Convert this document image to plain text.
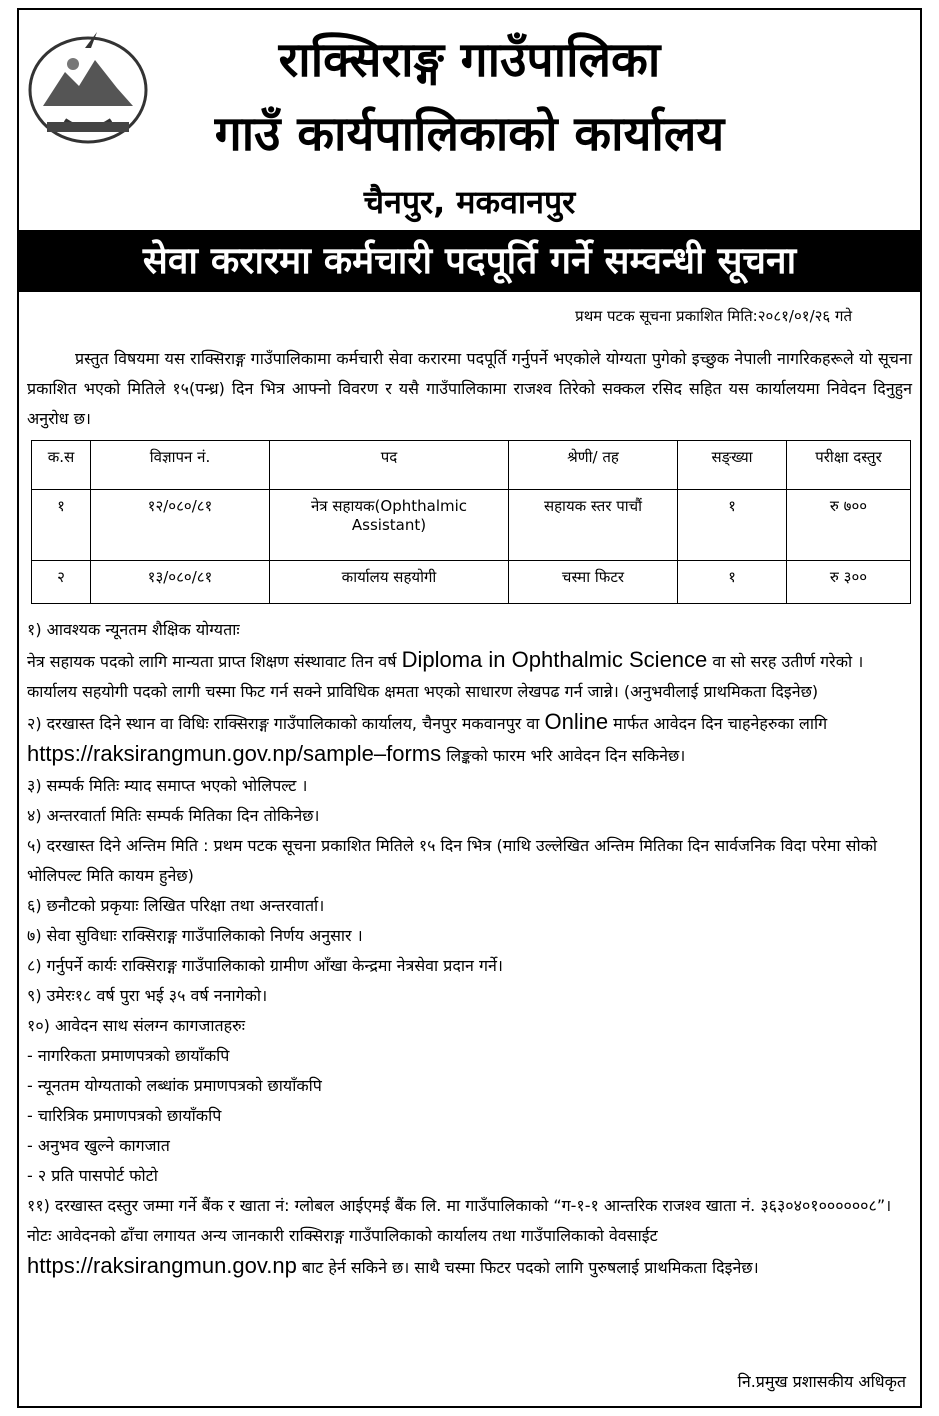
राक्सिराङ्ग गाउँपालिका
गाउँ कार्यपालिकाको कार्यालय
चैनपुर, मकवानपुर
सेवा करारमा कर्मचारी पदपूर्ति गर्ने सम्वन्धी सूचना
प्रथम पटक सूचना प्रकाशित मिति:२०८१/०१/२६ गते
प्रस्तुत विषयमा यस राक्सिराङ्ग गाउँपालिकामा कर्मचारी सेवा करारमा पदपूर्ति गर्नुपर्ने भएकोले योग्यता पुगेको इच्छुक नेपाली नागरिकहरूले यो सूचना प्रकाशित भएको मितिले १५(पन्ध्र) दिन भित्र आफ्नो विवरण र यसै गाउँपालिकामा राजश्व तिरेको सक्कल रसिद सहित यस कार्यालयमा निवेदन दिनुहुन अनुरोध छ।
क.स	विज्ञापन नं.	पद	श्रेणी/ तह	सङ्ख्या	परीक्षा दस्तुर
१	१२/०८०/८१	नेत्र सहायक(Ophthalmic Assistant)	सहायक स्तर पाचौं	१	रु ७००
२	१३/०८०/८१	कार्यालय सहयोगी	चस्मा फिटर	१	रु ३००

१) आवश्यक न्यूनतम शैक्षिक योग्यताः

नेत्र सहायक पदको लागि मान्यता प्राप्त शिक्षण संस्थावाट तिन वर्ष Diploma in Ophthalmic Science वा सो सरह उतीर्ण गरेको । कार्यालय सहयोगी पदको लागी चस्मा फिट गर्न सक्ने प्राविधिक क्षमता भएको साधारण लेखपढ गर्न जान्ने। (अनुभवीलाई प्राथमिकता दिइनेछ)

२) दरखास्त दिने स्थान वा विधिः राक्सिराङ्ग गाउँपालिकाको कार्यालय, चैनपुर मकवानपुर वा Online मार्फत आवेदन दिन चाहनेहरुका लागि https://raksirangmun.gov.np/sample–forms लिङ्कको फारम भरि आवेदन दिन सकिनेछ।

३) सम्पर्क मितिः म्याद समाप्त भएको भोलिपल्ट ।

४) अन्तरवार्ता मितिः सम्पर्क मितिका दिन तोकिनेछ।

५) दरखास्त दिने अन्तिम मिति : प्रथम पटक सूचना प्रकाशित मितिले १५ दिन भित्र (माथि उल्लेखित अन्तिम मितिका दिन सार्वजनिक विदा परेमा सोको भोलिपल्ट मिति कायम हुनेछ)

६) छनौटको प्रकृयाः लिखित परिक्षा तथा अन्तरवार्ता।

७) सेवा सुविधाः राक्सिराङ्ग गाउँपालिकाको निर्णय अनुसार ।

८) गर्नुपर्ने कार्यः राक्सिराङ्ग गाउँपालिकाको ग्रामीण आँखा केन्द्रमा नेत्रसेवा प्रदान गर्ने।

९) उमेरः१८ वर्ष पुरा भई ३५ वर्ष ननागेको।

१०) आवेदन साथ संलग्न कागजातहरुः

- नागरिकता प्रमाणपत्रको छायाँकपि

- न्यूनतम योग्यताको लब्धांक प्रमाणपत्रको छायाँकपि

- चारित्रिक प्रमाणपत्रको छायाँकपि

- अनुभव खुल्ने कागजात

- २ प्रति पासपोर्ट फोटो

११) दरखास्त दस्तुर जम्मा गर्ने बैंक र खाता नं: ग्लोबल आईएमई बैंक लि. मा गाउँपालिकाको “ग-१-१ आन्तरिक राजश्व खाता नं. ३६३०४०१००००००८”।

नोटः आवेदनको ढाँचा लगायत अन्य जानकारी राक्सिराङ्ग गाउँपालिकाको कार्यालय तथा गाउँपालिकाको वेवसाईट https://raksirangmun.gov.np बाट हेर्न सकिने छ। साथै चस्मा फिटर पदको लागि पुरुषलाई प्राथमिकता दिइनेछ।

नि.प्रमुख प्रशासकीय अधिकृत
